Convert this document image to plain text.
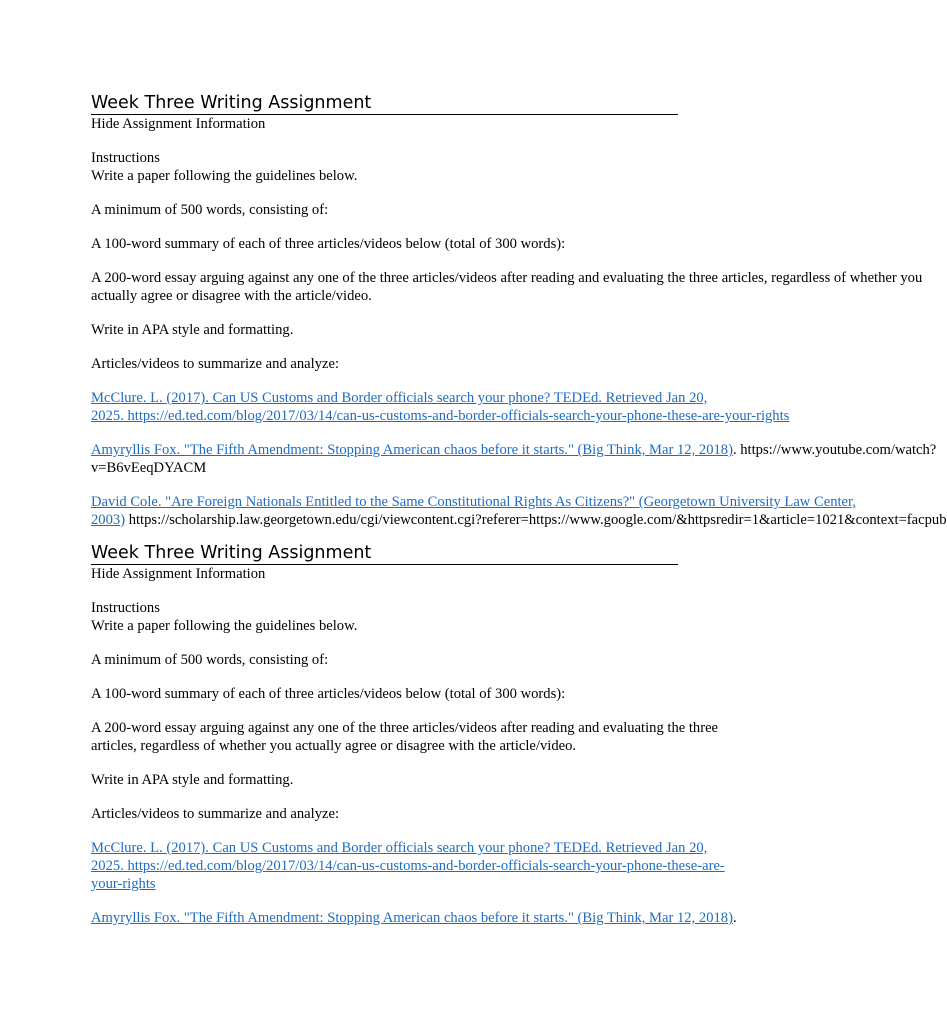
Week Three Writing Assignment
Hide Assignment Information
Instructions
Write a paper following the guidelines below.
A minimum of 500 words, consisting of:
A 100-word summary of each of three articles/videos below (total of 300 words):
A 200-word essay arguing against any one of the three articles/videos after reading and evaluating the three articles, regardless of whether you
actually agree or disagree with the article/video.
Write in APA style and formatting.
Articles/videos to summarize and analyze:
McClure. L. (2017). Can US Customs and Border officials search your phone? TEDEd. Retrieved Jan 20,
2025. https://ed.ted.com/blog/2017/03/14/can-us-customs-and-border-officials-search-your-phone-these-are-your-rights
Amyryllis Fox. "The Fifth Amendment: Stopping American chaos before it starts." (Big Think, Mar 12, 2018). https://www.youtube.com/watch?
v=B6vEeqDYACM
David Cole. "Are Foreign Nationals Entitled to the Same Constitutional Rights As Citizens?" (Georgetown University Law Center,
2003) https://scholarship.law.georgetown.edu/cgi/viewcontent.cgi?referer=https://www.google.com/&httpsredir=1&article=1021&context=facpub
Week Three Writing Assignment
Hide Assignment Information
Instructions
Write a paper following the guidelines below.
A minimum of 500 words, consisting of:
A 100-word summary of each of three articles/videos below (total of 300 words):
A 200-word essay arguing against any one of the three articles/videos after reading and evaluating the three
articles, regardless of whether you actually agree or disagree with the article/video.
Write in APA style and formatting.
Articles/videos to summarize and analyze:
McClure. L. (2017). Can US Customs and Border officials search your phone? TEDEd. Retrieved Jan 20,
2025. https://ed.ted.com/blog/2017/03/14/can-us-customs-and-border-officials-search-your-phone-these-are-
your-rights
Amyryllis Fox. "The Fifth Amendment: Stopping American chaos before it starts." (Big Think, Mar 12, 2018).
